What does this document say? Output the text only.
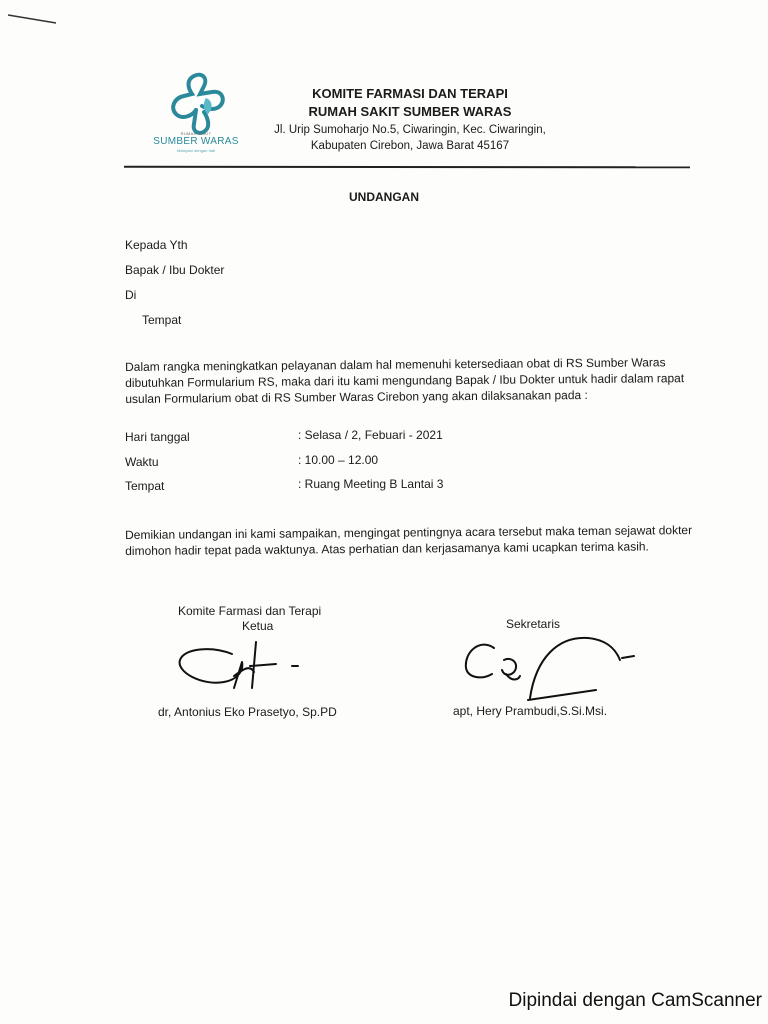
RUMAH SAKIT
SUMBER WARAS
Melayani dengan hati
KOMITE FARMASI DAN TERAPI
RUMAH SAKIT SUMBER WARAS
Jl. Urip Sumoharjo No.5, Ciwaringin, Kec. Ciwaringin,
Kabupaten Cirebon, Jawa Barat 45167
UNDANGAN
Kepada Yth
Bapak / Ibu Dokter
Di
Tempat
Dalam rangka meningkatkan pelayanan dalam hal memenuhi ketersediaan obat di RS Sumber Waras dibutuhkan Formularium RS, maka dari itu kami mengundang Bapak / Ibu Dokter untuk hadir dalam rapat usulan Formularium obat di RS Sumber Waras Cirebon yang akan dilaksanakan pada :
Hari tanggal	: Selasa / 2, Febuari - 2021
Waktu	: 10.00 – 12.00
Tempat	: Ruang Meeting B Lantai 3
Demikian undangan ini kami sampaikan, mengingat pentingnya acara tersebut maka teman sejawat dokter dimohon hadir tepat pada waktunya. Atas perhatian dan kerjasamanya kami ucapkan terima kasih.
Komite Farmasi dan Terapi
Ketua	Sekretaris
dr, Antonius Eko Prasetyo, Sp.PD	apt, Hery Prambudi,S.Si.Msi.
Dipindai dengan CamScanner
